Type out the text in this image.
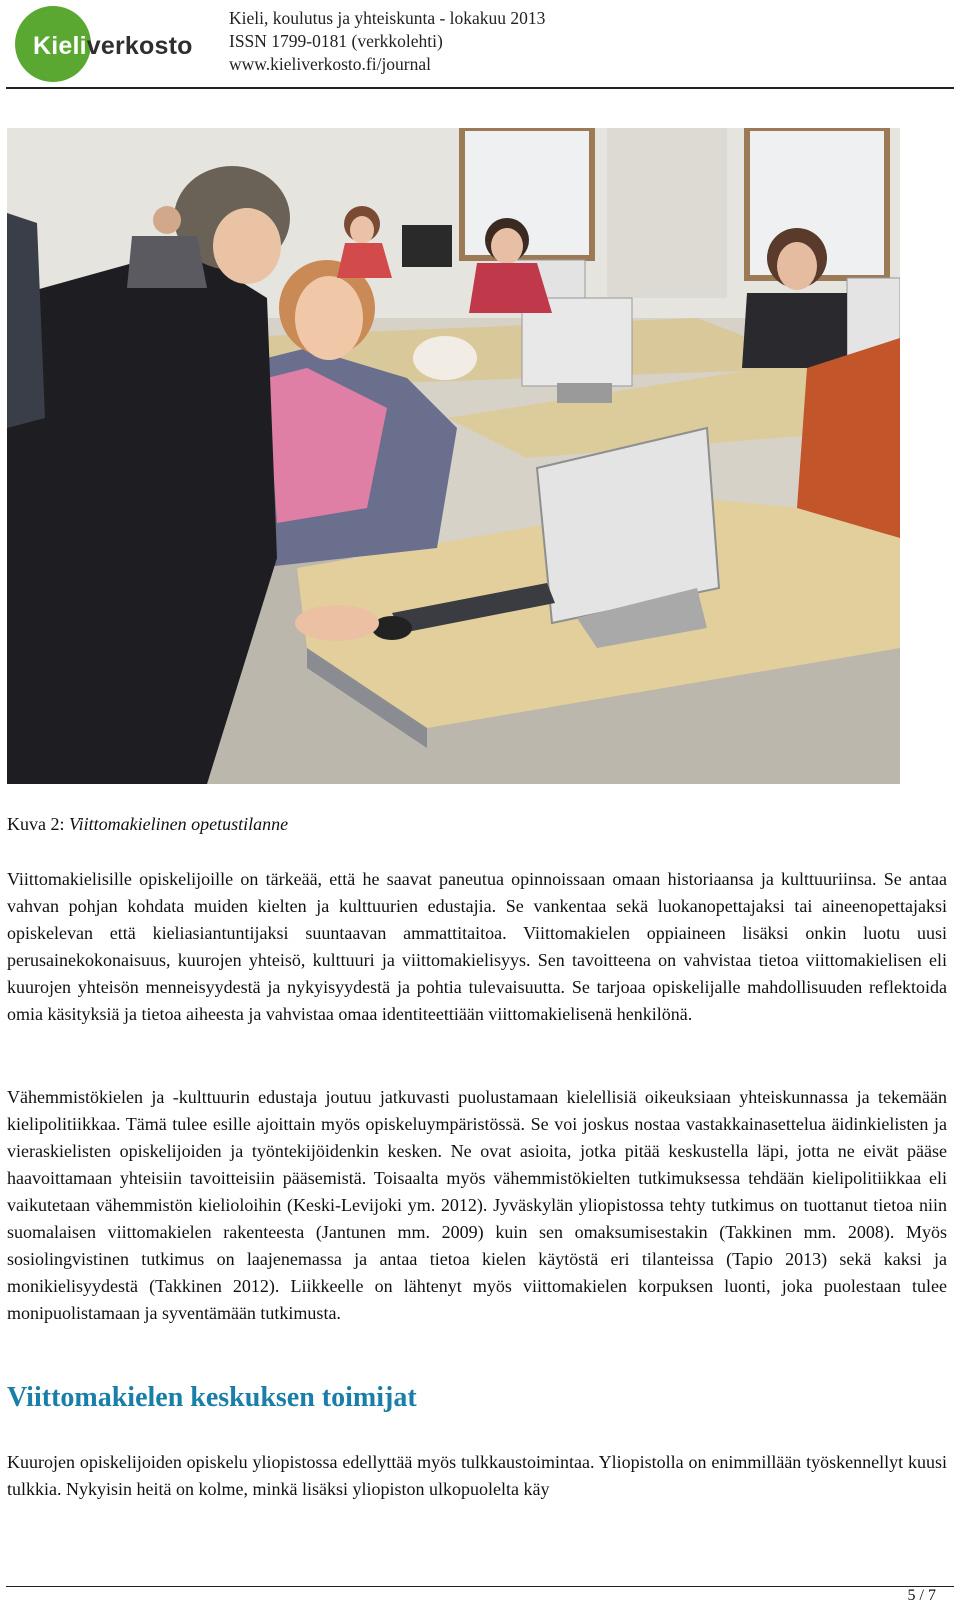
Kieliverkosto
Kieli, koulutus ja yhteiskunta - lokakuu 2013
ISSN 1799-0181 (verkkolehti)
www.kieliverkosto.fi/journal
Kuva 2: Viittomakielinen opetustilanne

Viittomakielisille opiskelijoille on tärkeää, että he saavat paneutua opinnoissaan omaan historiaansa ja kulttuuriinsa. Se antaa vahvan pohjan kohdata muiden kielten ja kulttuurien edustajia. Se vankentaa sekä luokanopettajaksi tai aineenopettajaksi opiskelevan että kieliasiantuntijaksi suuntaavan ammattitaitoa. Viittomakielen oppiaineen lisäksi onkin luotu uusi perusainekokonaisuus, kuurojen yhteisö, kulttuuri ja viittomakielisyys. Sen tavoitteena on vahvistaa tietoa viittomakielisen eli kuurojen yhteisön menneisyydestä ja nykyisyydestä ja pohtia tulevaisuutta. Se tarjoaa opiskelijalle mahdollisuuden reflektoida omia käsityksiä ja tietoa aiheesta ja vahvistaa omaa identiteettiään viittomakielisenä henkilönä.

Vähemmistökielen ja -kulttuurin edustaja joutuu jatkuvasti puolustamaan kielellisiä oikeuksiaan yhteiskunnassa ja tekemään kielipolitiikkaa. Tämä tulee esille ajoittain myös opiskeluympäristössä. Se voi joskus nostaa vastakkainasettelua äidinkielisten ja vieraskielisten opiskelijoiden ja työntekijöidenkin kesken. Ne ovat asioita, jotka pitää keskustella läpi, jotta ne eivät pääse haavoittamaan yhteisiin tavoitteisiin pääsemistä. Toisaalta myös vähemmistökielten tutkimuksessa tehdään kielipolitiikkaa eli vaikutetaan vähemmistön kielioloihin (Keski-Levijoki ym. 2012). Jyväskylän yliopistossa tehty tutkimus on tuottanut tietoa niin suomalaisen viittomakielen rakenteesta (Jantunen mm. 2009) kuin sen omaksumisestakin (Takkinen mm. 2008). Myös sosiolingvistinen tutkimus on laajenemassa ja antaa tietoa kielen käytöstä eri tilanteissa (Tapio 2013) sekä kaksi ja monikielisyydestä (Takkinen 2012). Liikkeelle on lähtenyt myös viittomakielen korpuksen luonti, joka puolestaan tulee monipuolistamaan ja syventämään tutkimusta.

Viittomakielen keskuksen toimijat

Kuurojen opiskelijoiden opiskelu yliopistossa edellyttää myös tulkkaustoimintaa. Yliopistolla on enimmillään työskennellyt kuusi tulkkia. Nykyisin heitä on kolme, minkä lisäksi yliopiston ulkopuolelta käy

5 / 7
